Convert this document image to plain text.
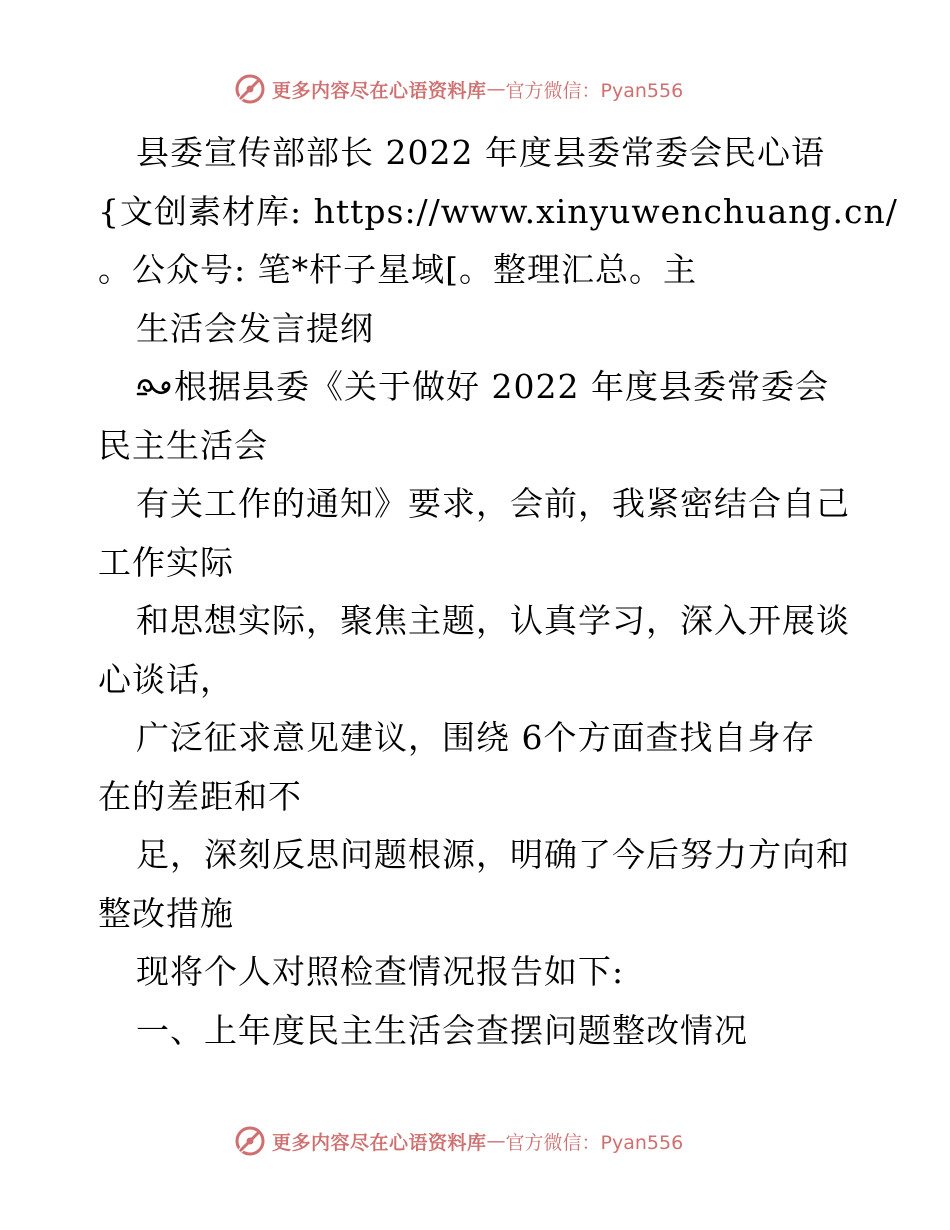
更多内容尽在心语资料库 — 官方微信：Pyan556

县委宣传部部长 2022 年度县委常委会民心语

{文创素材库: https://www.xinyuwenchuang.cn/

。公众号: 笔*杆子星域[。整理汇总。主

生活会发言提纲

根据县委《关于做好 2022 年度县委常委会

民主生活会

有关工作的通知》要求，会前，我紧密结合自己

工作实际

和思想实际，聚焦主题，认真学习，深入开展谈

心谈话，

广泛征求意见建议，围绕 6个方面查找自身存

在的差距和不

足，深刻反思问题根源，明确了今后努力方向和

整改措施

现将个人对照检查情况报告如下:

一、上年度民主生活会查摆问题整改情况

更多内容尽在心语资料库 — 官方微信：Pyan556
